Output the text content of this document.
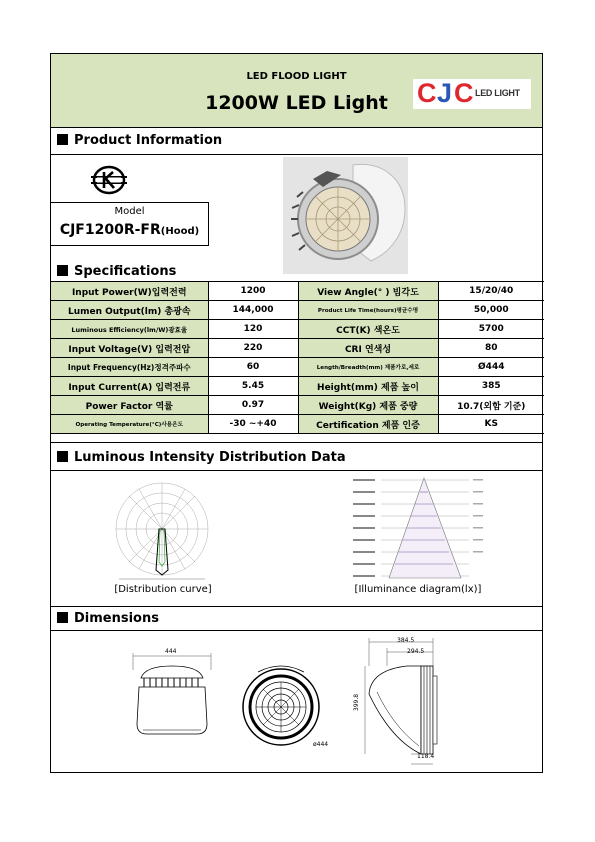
LED FLOOD LIGHT
1200W LED Light	C J C LED LIGHT
Product Information
Model
CJF1200R-FR(Hood)
Specifications
Input Power(W)입력전력	1200	View Angle(° ) 빔각도	15/20/40
Lumen Output(lm) 총광속	144,000	Product Life Time(hours)평균수명	50,000
Luminous Efficiency(lm/W)광효율	120	CCT(K) 색온도	5700
Input Voltage(V) 입력전압	220	CRI 연색성	80
Input Frequency(Hz)정격주파수	60	Length/Breadth(mm) 제품가로,세로	Ø444
Input Current(A) 입력전류	5.45	Height(mm) 제품 높이	385
Power Factor 역률	0.97	Weight(Kg) 제품 중량	10.7(외함 기준)
Operating Temperature(°C)사용온도	-30 ~+40	Certification 제품 인증	KS
Luminous Intensity Distribution Data
[Distribution curve]	[Illuminance diagram(lx)]
Dimensions
444
ø444
384.5
294.5
399.8
118.4
